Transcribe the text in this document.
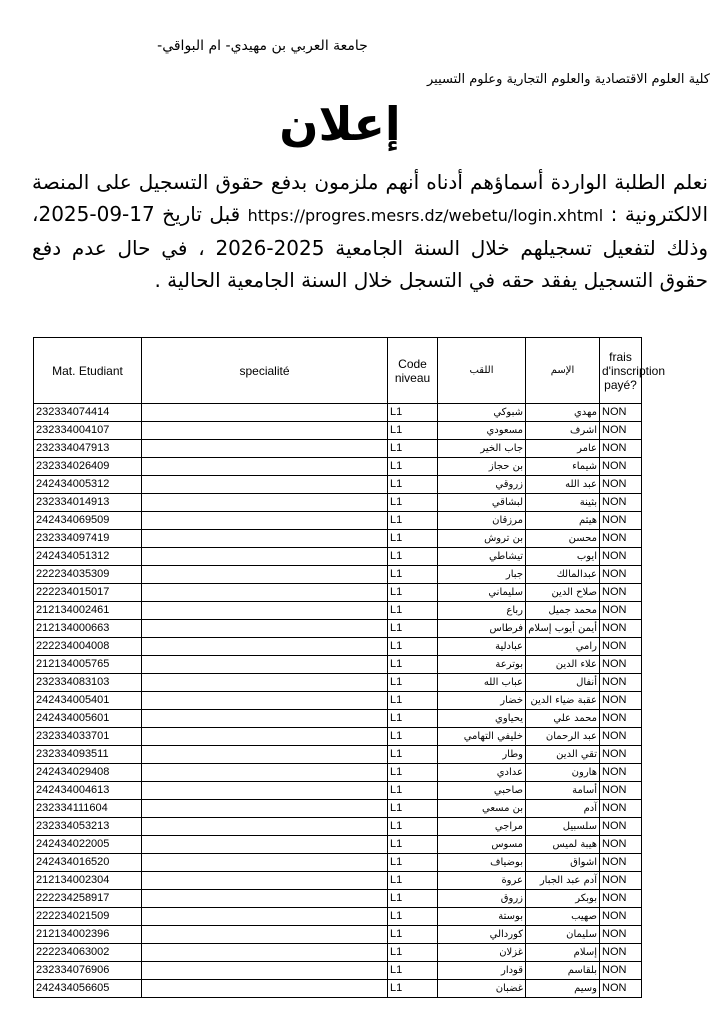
جامعة العربي بن مهيدي- ام البواقي-
كلية العلوم الاقتصادية والعلوم التجارية وعلوم التسيير
إعلان
نعلم الطلبة الواردة أسماؤهم أدناه أنهم ملزمون بدفع حقوق التسجيل على المنصة الالكترونية : https://progres.mesrs.dz/webetu/login.xhtml قبل تاريخ 17-09-2025، وذلك لتفعيل تسجيلهم خلال السنة الجامعية 2025-2026 ، في حال عدم دفع حقوق التسجيل يفقد حقه في التسجل خلال السنة الجامعية الحالية .
Mat. Etudiant	specialité	Code niveau	اللقب	الإسم	frais d'inscription payé?
232334074414		L1	شبوكي	مهدي	NON
232334004107		L1	مسعودي	اشرف	NON
232334047913		L1	جاب الخير	عامر	NON
232334026409		L1	بن حجاز	شيماء	NON
242434005312		L1	زروقي	عبد الله	NON
232334014913		L1	لبشاقي	بثينة	NON
242434069509		L1	مرزقان	هيثم	NON
232334097419		L1	بن تروش	محسن	NON
242434051312		L1	تيشاطي	ايوب	NON
222234035309		L1	جبار	عبدالمالك	NON
222234015017		L1	سليماني	صلاح الدين	NON
212134002461		L1	رباع	محمد جميل	NON
212134000663		L1	فرطاس	أيمن أيوب إسلام	NON
222234004008		L1	عبادلية	رامي	NON
212134005765		L1	بوترعة	علاء الدين	NON
232334083103		L1	عباب الله	أنفال	NON
242434005401		L1	خضار	عقبة ضياء الدين	NON
242434005601		L1	يحياوي	محمد علي	NON
232334033701		L1	خليفي التهامي	عبد الرحمان	NON
232334093511		L1	وطار	تقي الدين	NON
242434029408		L1	عدادي	هارون	NON
242434004613		L1	صاحبي	أسامة	NON
232334111604		L1	بن مسعي	آدم	NON
232334053213		L1	مراجي	سلسبيل	NON
242434022005		L1	مسوس	هيبة لميس	NON
242434016520		L1	بوضياف	اشواق	NON
212134002304		L1	عروة	آدم عبد الجبار	NON
222234258917		L1	زروق	بوبكر	NON
222234021509		L1	بوستة	صهيب	NON
212134002396		L1	كوردالي	سليمان	NON
222234063002		L1	غزلان	إسلام	NON
232334076906		L1	قودار	بلقاسم	NON
242434056605		L1	غضبان	وسيم	NON
